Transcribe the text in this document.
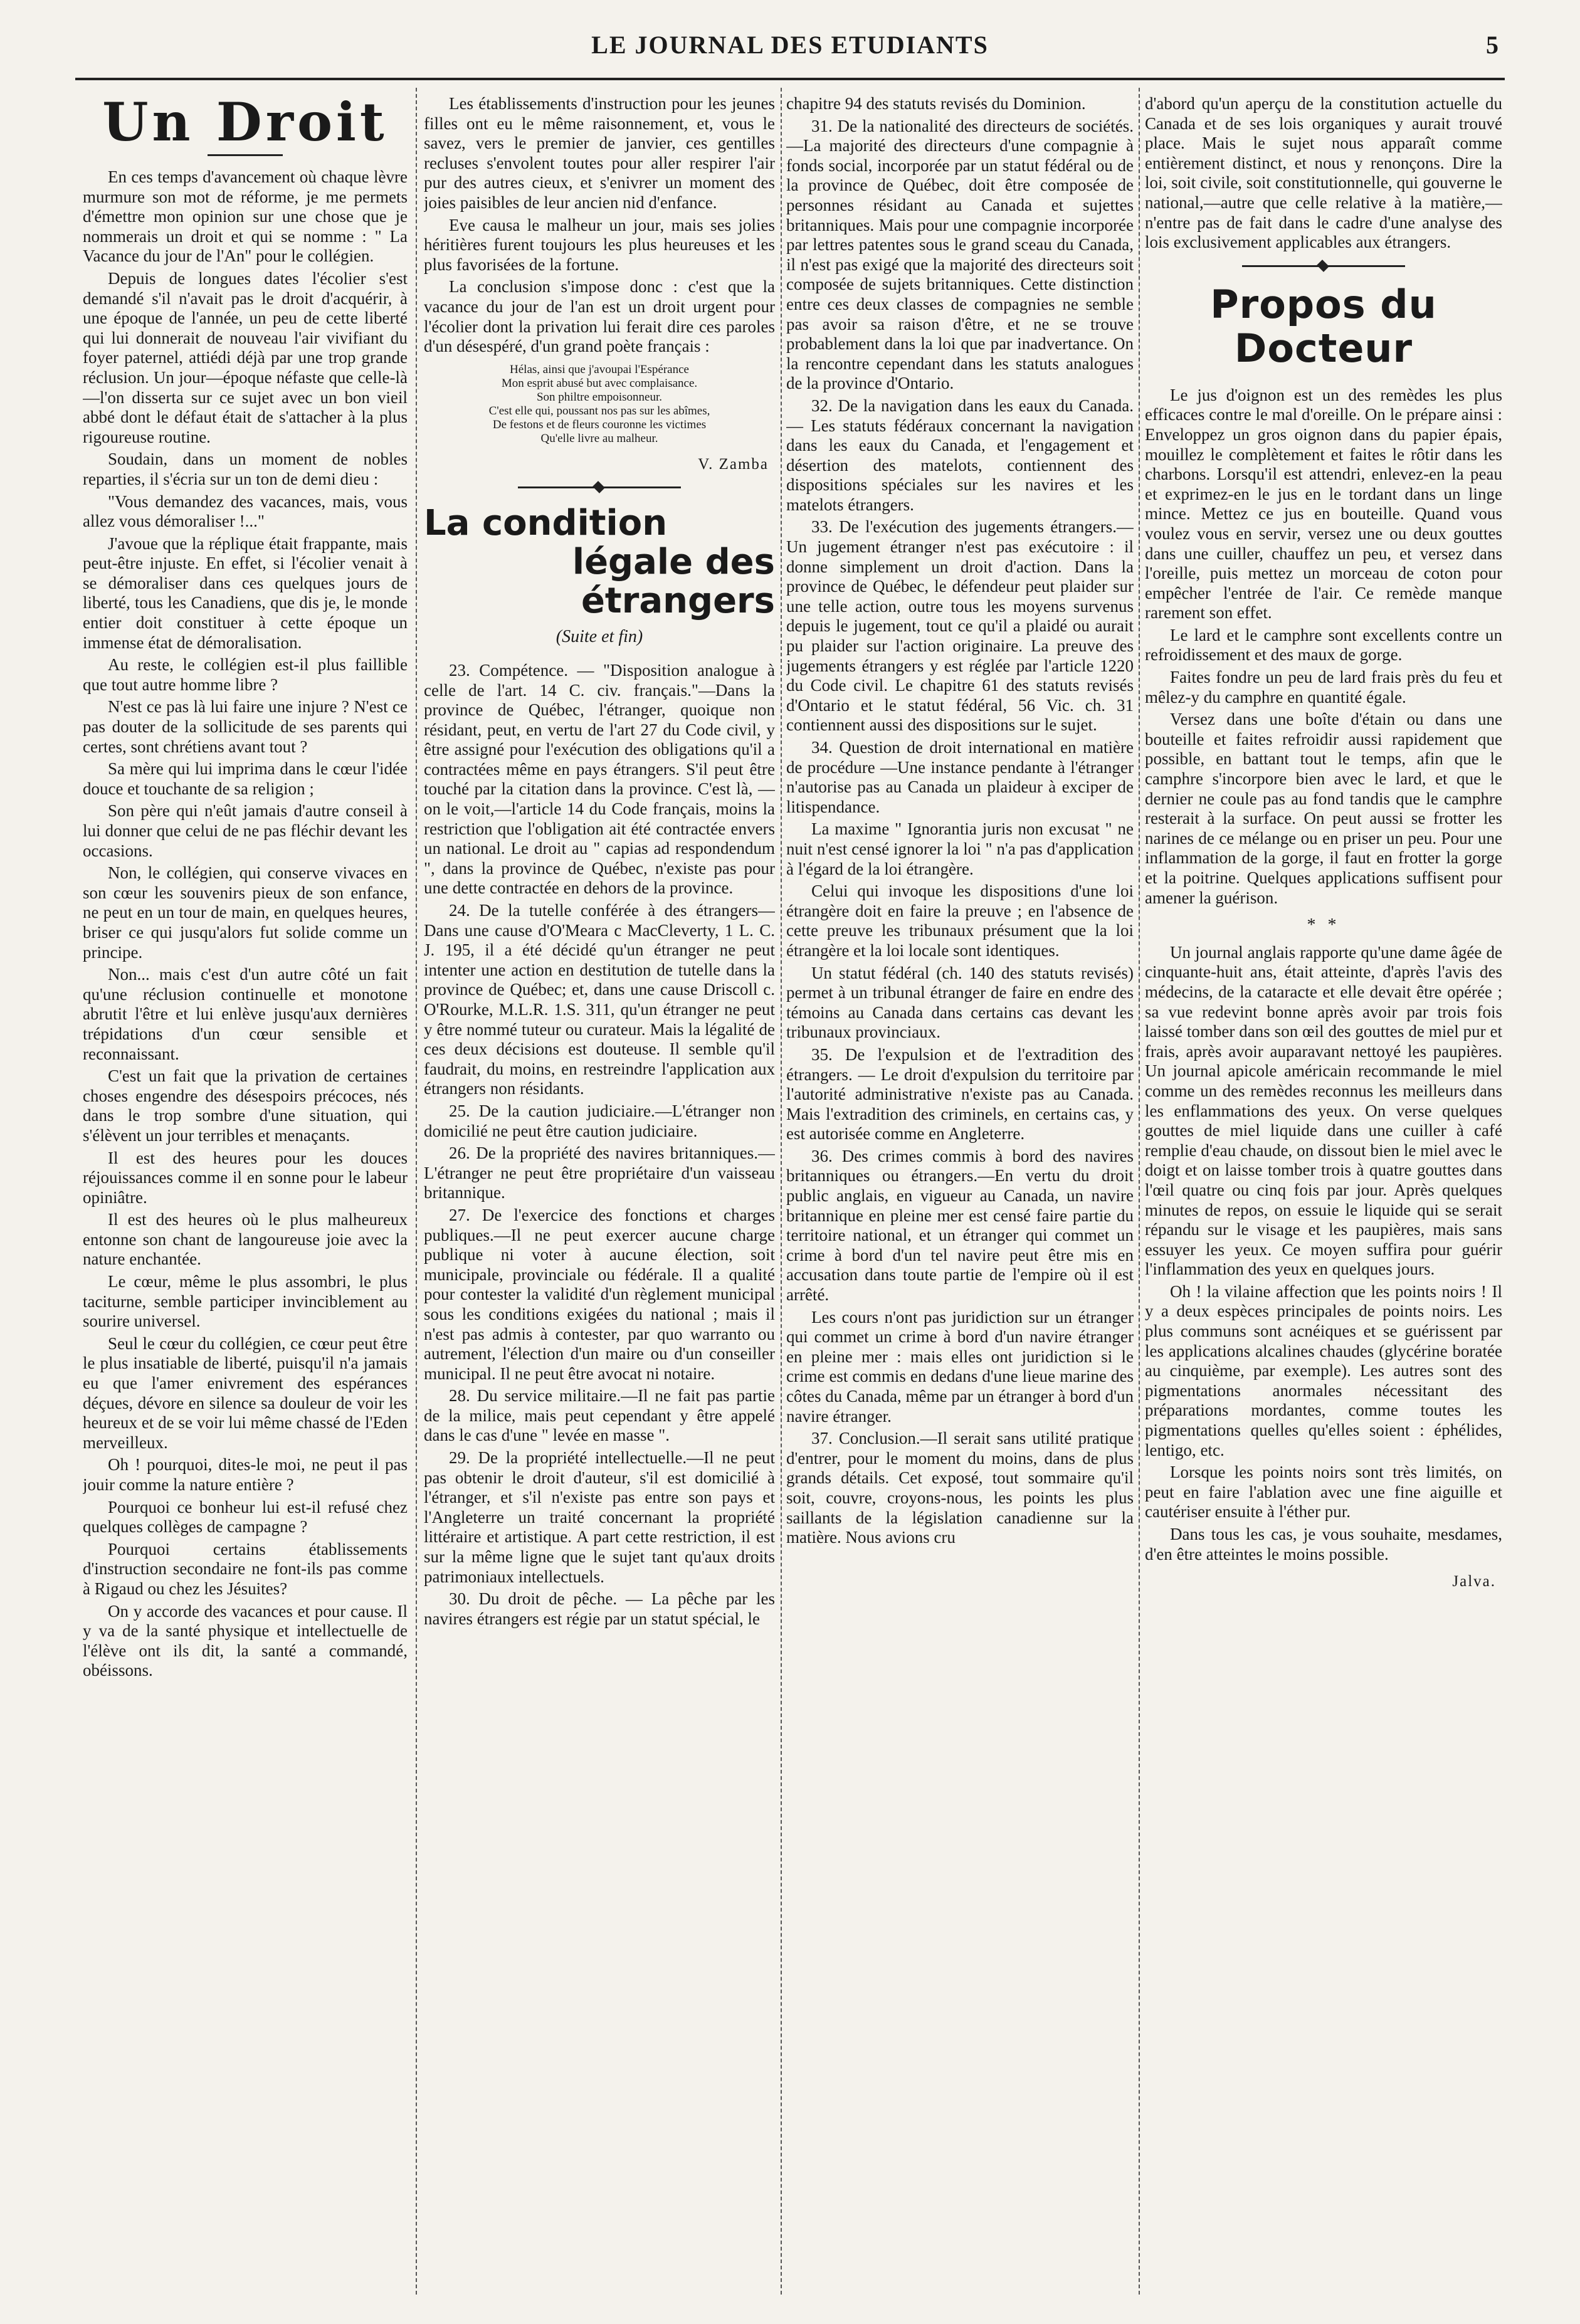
LE JOURNAL DES ETUDIANTS	5
Un Droit

En ces temps d'avancement où chaque lèvre murmure son mot de réforme, je me permets d'émettre mon opinion sur une chose que je nommerais un droit et qui se nomme : " La Vacance du jour de l'An" pour le collégien.

Depuis de longues dates l'écolier s'est demandé s'il n'avait pas le droit d'acquérir, à une époque de l'année, un peu de cette liberté qui lui donnerait de nouveau l'air vivifiant du foyer paternel, attiédi déjà par une trop grande réclusion. Un jour—époque néfaste que celle-là—l'on disserta sur ce sujet avec un bon vieil abbé dont le défaut était de s'attacher à la plus rigoureuse routine.

Soudain, dans un moment de nobles reparties, il s'écria sur un ton de demi dieu :

"Vous demandez des vacances, mais, vous allez vous démoraliser !..."

J'avoue que la réplique était frappante, mais peut-être injuste. En effet, si l'écolier venait à se démoraliser dans ces quelques jours de liberté, tous les Canadiens, que dis je, le monde entier doit constituer à cette époque un immense état de démoralisation.

Au reste, le collégien est-il plus faillible que tout autre homme libre ?

N'est ce pas là lui faire une injure ? N'est ce pas douter de la sollicitude de ses parents qui certes, sont chrétiens avant tout ?

Sa mère qui lui imprima dans le cœur l'idée douce et touchante de sa religion ;

Son père qui n'eût jamais d'autre conseil à lui donner que celui de ne pas fléchir devant les occasions.

Non, le collégien, qui conserve vivaces en son cœur les souvenirs pieux de son enfance, ne peut en un tour de main, en quelques heures, briser ce qui jusqu'alors fut solide comme un principe.

Non... mais c'est d'un autre côté un fait qu'une réclusion continuelle et monotone abrutit l'être et lui enlève jusqu'aux dernières trépidations d'un cœur sensible et reconnaissant.

C'est un fait que la privation de certaines choses engendre des désespoirs précoces, nés dans le trop sombre d'une situation, qui s'élèvent un jour terribles et menaçants.

Il est des heures pour les douces réjouissances comme il en sonne pour le labeur opiniâtre.

Il est des heures où le plus malheureux entonne son chant de langoureuse joie avec la nature enchantée.

Le cœur, même le plus assombri, le plus taciturne, semble participer invinciblement au sourire universel.

Seul le cœur du collégien, ce cœur peut être le plus insatiable de liberté, puisqu'il n'a jamais eu que l'amer enivrement des espérances déçues, dévore en silence sa douleur de voir les heureux et de se voir lui même chassé de l'Eden merveilleux.

Oh ! pourquoi, dites-le moi, ne peut il pas jouir comme la nature entière ?

Pourquoi ce bonheur lui est-il refusé chez quelques collèges de campagne ?

Pourquoi certains établissements d'instruction secondaire ne font-ils pas comme à Rigaud ou chez les Jésuites?

On y accorde des vacances et pour cause. Il y va de la santé physique et intellectuelle de l'élève ont ils dit, la santé a commandé, obéissons.

Les établissements d'instruction pour les jeunes filles ont eu le même raisonnement, et, vous le savez, vers le premier de janvier, ces gentilles recluses s'envolent toutes pour aller respirer l'air pur des autres cieux, et s'enivrer un moment des joies paisibles de leur ancien nid d'enfance.

Eve causa le malheur un jour, mais ses jolies héritières furent toujours les plus heureuses et les plus favorisées de la fortune.

La conclusion s'impose donc : c'est que la vacance du jour de l'an est un droit urgent pour l'écolier dont la privation lui ferait dire ces paroles d'un désespéré, d'un grand poète français :

Hélas, ainsi que j'avoupai l'Espérance
Mon esprit abusé but avec complaisance.
Son philtre empoisonneur.
C'est elle qui, poussant nos pas sur les abîmes,
De festons et de fleurs couronne les victimes
Qu'elle livre au malheur.
V. Zamba
La condition
légale des étrangers
(Suite et fin)

23. Compétence. — "Disposition analogue à celle de l'art. 14 C. civ. français."—Dans la province de Québec, l'étranger, quoique non résidant, peut, en vertu de l'art 27 du Code civil, y être assigné pour l'exécution des obligations qu'il a contractées même en pays étrangers. S'il peut être touché par la citation dans la province. C'est là, —on le voit,—l'article 14 du Code français, moins la restriction que l'obligation ait été contractée envers un national. Le droit au " capias ad respondendum ", dans la province de Québec, n'existe pas pour une dette contractée en dehors de la province.

24. De la tutelle conférée à des étrangers—Dans une cause d'O'Meara c MacCleverty, 1 L. C. J. 195, il a été décidé qu'un étranger ne peut intenter une action en destitution de tutelle dans la province de Québec; et, dans une cause Driscoll c. O'Rourke, M.L.R. 1.S. 311, qu'un étranger ne peut y être nommé tuteur ou curateur. Mais la légalité de ces deux décisions est douteuse. Il semble qu'il faudrait, du moins, en restreindre l'application aux étrangers non résidants.

25. De la caution judiciaire.—L'étranger non domicilié ne peut être caution judiciaire.

26. De la propriété des navires britanniques.—L'étranger ne peut être propriétaire d'un vaisseau britannique.

27. De l'exercice des fonctions et charges publiques.—Il ne peut exercer aucune charge publique ni voter à aucune élection, soit municipale, provinciale ou fédérale. Il a qualité pour contester la validité d'un règlement municipal sous les conditions exigées du national ; mais il n'est pas admis à contester, par quo warranto ou autrement, l'élection d'un maire ou d'un conseiller municipal. Il ne peut être avocat ni notaire.

28. Du service militaire.—Il ne fait pas partie de la milice, mais peut cependant y être appelé dans le cas d'une " levée en masse ".

29. De la propriété intellectuelle.—Il ne peut pas obtenir le droit d'auteur, s'il est domicilié à l'étranger, et s'il n'existe pas entre son pays et l'Angleterre un traité concernant la propriété littéraire et artistique. A part cette restriction, il est sur la même ligne que le sujet tant qu'aux droits patrimoniaux intellectuels.

30. Du droit de pêche. — La pêche par les navires étrangers est régie par un statut spécial, le

chapitre 94 des statuts revisés du Dominion.

31. De la nationalité des directeurs de sociétés.—La majorité des directeurs d'une compagnie à fonds social, incorporée par un statut fédéral ou de la province de Québec, doit être composée de personnes résidant au Canada et sujettes britanniques. Mais pour une compagnie incorporée par lettres patentes sous le grand sceau du Canada, il n'est pas exigé que la majorité des directeurs soit composée de sujets britanniques. Cette distinction entre ces deux classes de compagnies ne semble pas avoir sa raison d'être, et ne se trouve probablement dans la loi que par inadvertance. On la rencontre cependant dans les statuts analogues de la province d'Ontario.

32. De la navigation dans les eaux du Canada. — Les statuts fédéraux concernant la navigation dans les eaux du Canada, et l'engagement et désertion des matelots, contiennent des dispositions spéciales sur les navires et les matelots étrangers.

33. De l'exécution des jugements étrangers.—Un jugement étranger n'est pas exécutoire : il donne simplement un droit d'action. Dans la province de Québec, le défendeur peut plaider sur une telle action, outre tous les moyens survenus depuis le jugement, tout ce qu'il a plaidé ou aurait pu plaider sur l'action originaire. La preuve des jugements étrangers y est réglée par l'article 1220 du Code civil. Le chapitre 61 des statuts revisés d'Ontario et le statut fédéral, 56 Vic. ch. 31 contiennent aussi des dispositions sur le sujet.

34. Question de droit international en matière de procédure —Une instance pendante à l'étranger n'autorise pas au Canada un plaideur à exciper de litispendance.

La maxime " Ignorantia juris non excusat " ne nuit n'est censé ignorer la loi " n'a pas d'application à l'égard de la loi étrangère.

Celui qui invoque les dispositions d'une loi étrangère doit en faire la preuve ; en l'absence de cette preuve les tribunaux présument que la loi étrangère et la loi locale sont identiques.

Un statut fédéral (ch. 140 des statuts revisés) permet à un tribunal étranger de faire en endre des témoins au Canada dans certains cas devant les tribunaux provinciaux.

35. De l'expulsion et de l'extradition des étrangers. — Le droit d'expulsion du territoire par l'autorité administrative n'existe pas au Canada. Mais l'extradition des criminels, en certains cas, y est autorisée comme en Angleterre.

36. Des crimes commis à bord des navires britanniques ou étrangers.—En vertu du droit public anglais, en vigueur au Canada, un navire britannique en pleine mer est censé faire partie du territoire national, et un étranger qui commet un crime à bord d'un tel navire peut être mis en accusation dans toute partie de l'empire où il est arrêté.

Les cours n'ont pas juridiction sur un étranger qui commet un crime à bord d'un navire étranger en pleine mer : mais elles ont juridiction si le crime est commis en dedans d'une lieue marine des côtes du Canada, même par un étranger à bord d'un navire étranger.

37. Conclusion.—Il serait sans utilité pratique d'entrer, pour le moment du moins, dans de plus grands détails. Cet exposé, tout sommaire qu'il soit, couvre, croyons-nous, les points les plus saillants de la législation canadienne sur la matière. Nous avions cru

d'abord qu'un aperçu de la constitution actuelle du Canada et de ses lois organiques y aurait trouvé place. Mais le sujet nous apparaît comme entièrement distinct, et nous y renonçons. Dire la loi, soit civile, soit constitutionnelle, qui gouverne le national,—autre que celle relative à la matière,—n'entre pas de fait dans le cadre d'une analyse des lois exclusivement applicables aux étrangers.

Propos du Docteur

Le jus d'oignon est un des remèdes les plus efficaces contre le mal d'oreille. On le prépare ainsi : Enveloppez un gros oignon dans du papier épais, mouillez le complètement et faites le rôtir dans les charbons. Lorsqu'il est attendri, enlevez-en la peau et exprimez-en le jus en le tordant dans un linge mince. Mettez ce jus en bouteille. Quand vous voulez vous en servir, versez une ou deux gouttes dans une cuiller, chauffez un peu, et versez dans l'oreille, puis mettez un morceau de coton pour empêcher l'entrée de l'air. Ce remède manque rarement son effet.

Le lard et le camphre sont excellents contre un refroidissement et des maux de gorge.

Faites fondre un peu de lard frais près du feu et mêlez-y du camphre en quantité égale.

Versez dans une boîte d'étain ou dans une bouteille et faites refroidir aussi rapidement que possible, en battant tout le temps, afin que le camphre s'incorpore bien avec le lard, et que le dernier ne coule pas au fond tandis que le camphre resterait à la surface. On peut aussi se frotter les narines de ce mélange ou en priser un peu. Pour une inflammation de la gorge, il faut en frotter la gorge et la poitrine. Quelques applications suffisent pour amener la guérison.

* *

Un journal anglais rapporte qu'une dame âgée de cinquante-huit ans, était atteinte, d'après l'avis des médecins, de la cataracte et elle devait être opérée ; sa vue redevint bonne après avoir par trois fois laissé tomber dans son œil des gouttes de miel pur et frais, après avoir auparavant nettoyé les paupières. Un journal apicole américain recommande le miel comme un des remèdes reconnus les meilleurs dans les enflammations des yeux. On verse quelques gouttes de miel liquide dans une cuiller à café remplie d'eau chaude, on dissout bien le miel avec le doigt et on laisse tomber trois à quatre gouttes dans l'œil quatre ou cinq fois par jour. Après quelques minutes de repos, on essuie le liquide qui se serait répandu sur le visage et les paupières, mais sans essuyer les yeux. Ce moyen suffira pour guérir l'inflammation des yeux en quelques jours.

Oh ! la vilaine affection que les points noirs ! Il y a deux espèces principales de points noirs. Les plus communs sont acnéiques et se guérissent par les applications alcalines chaudes (glycérine boratée au cinquième, par exemple). Les autres sont des pigmentations anormales nécessitant des préparations mordantes, comme toutes les pigmentations quelles qu'elles soient : éphélides, lentigo, etc.

Lorsque les points noirs sont très limités, on peut en faire l'ablation avec une fine aiguille et cautériser ensuite à l'éther pur.

Dans tous les cas, je vous souhaite, mesdames, d'en être atteintes le moins possible.

Jalva.
